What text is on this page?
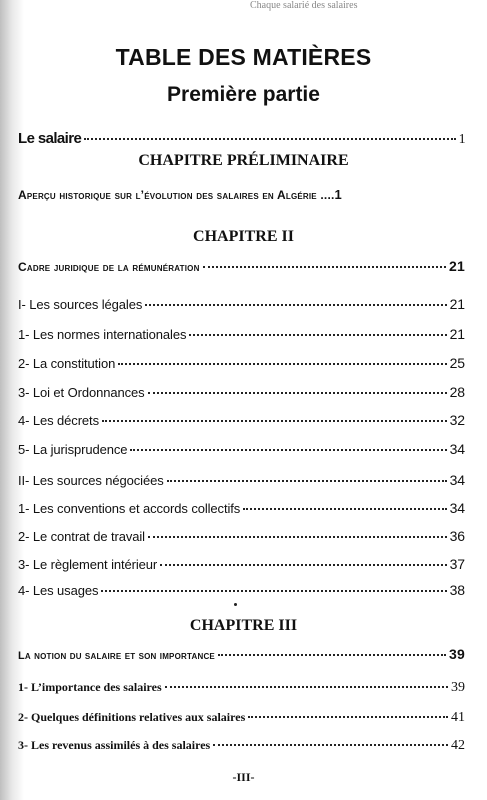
Chaque salarié des salaires
TABLE DES MATIÈRES
Première partie
Le salaire	1
CHAPITRE PRÉLIMINAIRE
Aperçu historique sur l’évolution des salaires en Algérie .... 1
CHAPITRE II
Cadre juridique de la rémunération	21
I- Les sources légales	21
1- Les normes internationales	21
2- La constitution	25
3- Loi et Ordonnances	28
4- Les décrets	32
5- La jurisprudence	34
II- Les sources négociées	34
1- Les conventions et accords collectifs	34
2- Le contrat de travail	36
3- Le règlement intérieur	37
4- Les usages	38
CHAPITRE III
La notion du salaire et son importance	39
1- L’importance des salaires	39
2- Quelques définitions relatives aux salaires	41
3- Les revenus assimilés à des salaires	42
-III-
